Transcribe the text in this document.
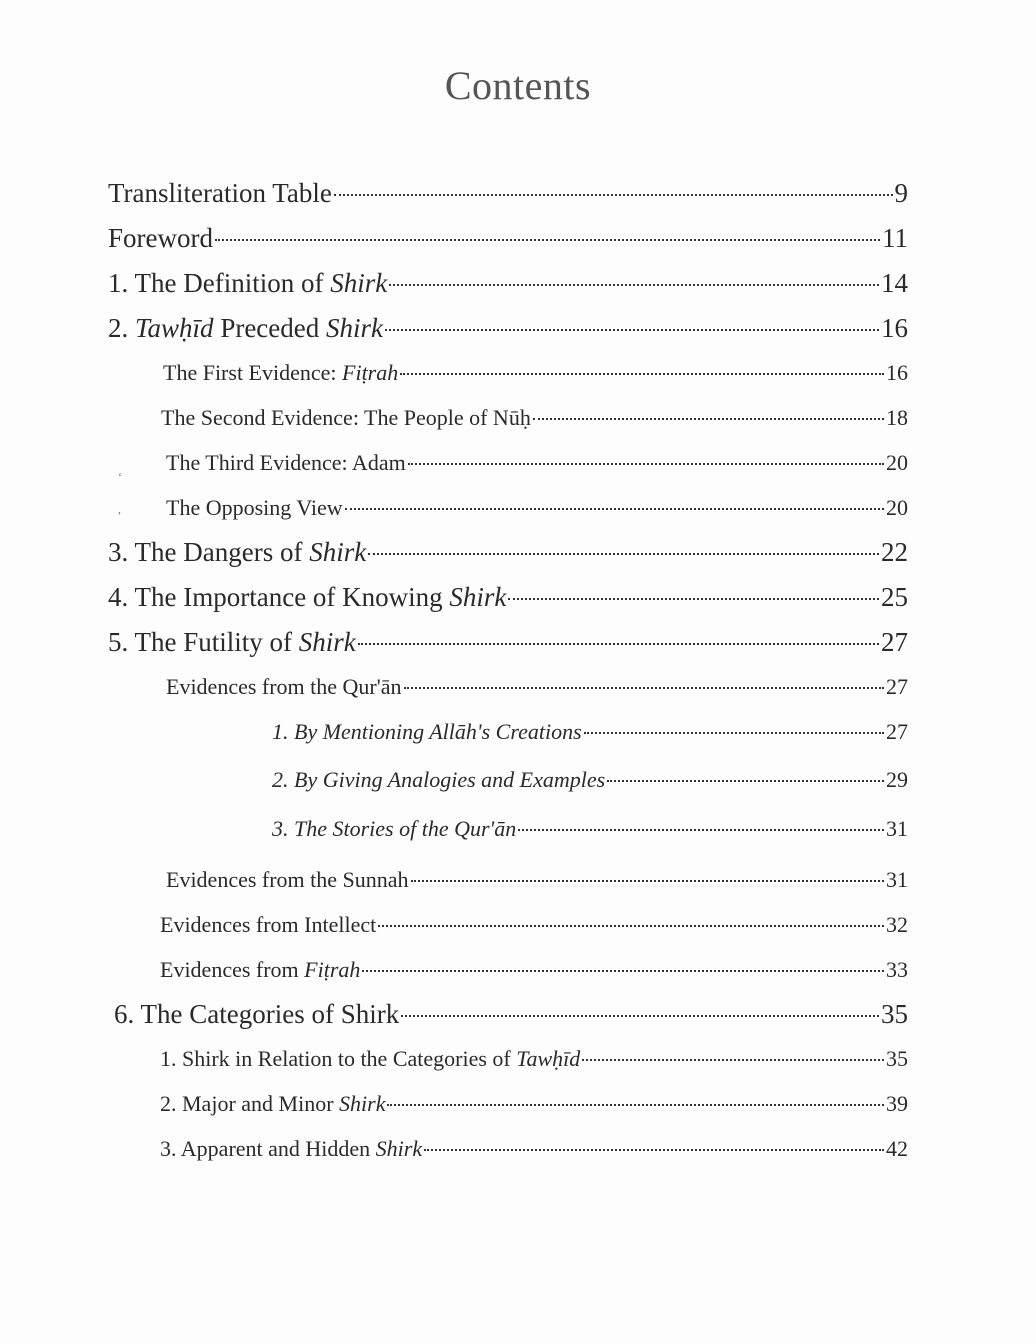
Contents
Transliteration Table	9
Foreword	11
1. The Definition of Shirk	14
2. Tawḥīd Preceded Shirk	16
The First Evidence: Fiṭrah	16
The Second Evidence: The People of Nūḥ	18
The Third Evidence: Adam	20
The Opposing View	20
3. The Dangers of Shirk	22
4. The Importance of Knowing Shirk	25
5. The Futility of Shirk	27
Evidences from the Qur'ān	27
1. By Mentioning Allāh's Creations	27
2. By Giving Analogies and Examples	29
3. The Stories of the Qur'ān	31
Evidences from the Sunnah	31
Evidences from Intellect	32
Evidences from Fiṭrah	33
6. The Categories of Shirk	35
1. Shirk in Relation to the Categories of Tawḥīd	35
2. Major and Minor Shirk	39
3. Apparent and Hidden Shirk	42
‘
,
